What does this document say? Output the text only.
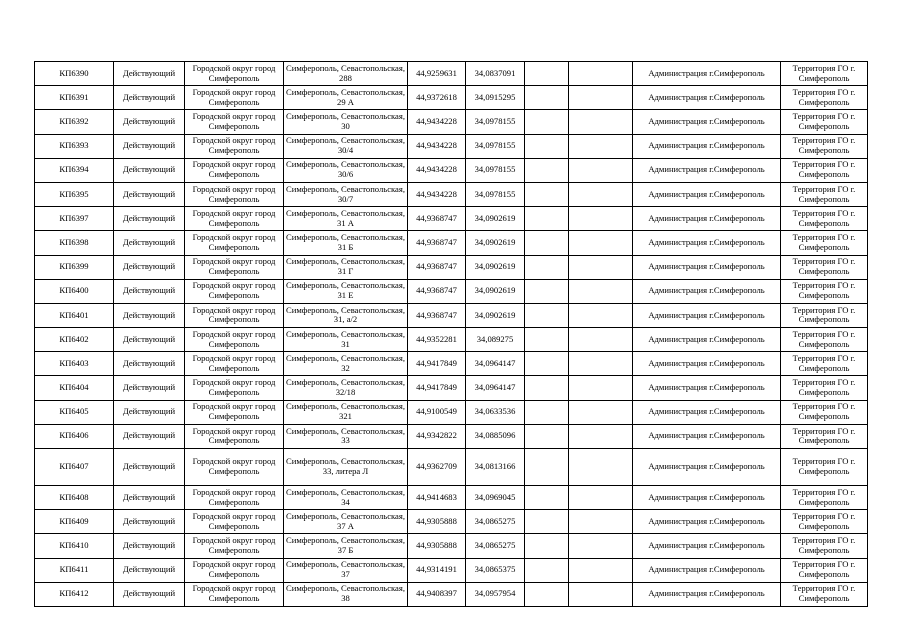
КП6390	Действующий	Городской округ город Симферополь	Симферополь, Севастопольская, 288	44,9259631	34,0837091			Администрация г.Симферополь	Территория ГО г. Симферополь
КП6391	Действующий	Городской округ город Симферополь	Симферополь, Севастопольская, 29 А	44,9372618	34,0915295			Администрация г.Симферополь	Территория ГО г. Симферополь
КП6392	Действующий	Городской округ город Симферополь	Симферополь, Севастопольская, 30	44,9434228	34,0978155			Администрация г.Симферополь	Территория ГО г. Симферополь
КП6393	Действующий	Городской округ город Симферополь	Симферополь, Севастопольская, 30/4	44,9434228	34,0978155			Администрация г.Симферополь	Территория ГО г. Симферополь
КП6394	Действующий	Городской округ город Симферополь	Симферополь, Севастопольская, 30/6	44,9434228	34,0978155			Администрация г.Симферополь	Территория ГО г. Симферополь
КП6395	Действующий	Городской округ город Симферополь	Симферополь, Севастопольская, 30/7	44,9434228	34,0978155			Администрация г.Симферополь	Территория ГО г. Симферополь
КП6397	Действующий	Городской округ город Симферополь	Симферополь, Севастопольская, 31 А	44,9368747	34,0902619			Администрация г.Симферополь	Территория ГО г. Симферополь
КП6398	Действующий	Городской округ город Симферополь	Симферополь, Севастопольская, 31 Б	44,9368747	34,0902619			Администрация г.Симферополь	Территория ГО г. Симферополь
КП6399	Действующий	Городской округ город Симферополь	Симферополь, Севастопольская, 31 Г	44,9368747	34,0902619			Администрация г.Симферополь	Территория ГО г. Симферополь
КП6400	Действующий	Городской округ город Симферополь	Симферополь, Севастопольская, 31 Е	44,9368747	34,0902619			Администрация г.Симферополь	Территория ГО г. Симферополь
КП6401	Действующий	Городской округ город Симферополь	Симферополь, Севастопольская, 31, а/2	44,9368747	34,0902619			Администрация г.Симферополь	Территория ГО г. Симферополь
КП6402	Действующий	Городской округ город Симферополь	Симферополь, Севастопольская, 31	44,9352281	34,089275			Администрация г.Симферополь	Территория ГО г. Симферополь
КП6403	Действующий	Городской округ город Симферополь	Симферополь, Севастопольская, 32	44,9417849	34,0964147			Администрация г.Симферополь	Территория ГО г. Симферополь
КП6404	Действующий	Городской округ город Симферополь	Симферополь, Севастопольская, 32/18	44,9417849	34,0964147			Администрация г.Симферополь	Территория ГО г. Симферополь
КП6405	Действующий	Городской округ город Симферополь	Симферополь, Севастопольская, 321	44,9100549	34,0633536			Администрация г.Симферополь	Территория ГО г. Симферополь
КП6406	Действующий	Городской округ город Симферополь	Симферополь, Севастопольская, 33	44,9342822	34,0885096			Администрация г.Симферополь	Территория ГО г. Симферополь
КП6407	Действующий	Городской округ город Симферополь	Симферополь, Севастопольская, 33, литера Л	44,9362709	34,0813166			Администрация г.Симферополь	Территория ГО г. Симферополь
КП6408	Действующий	Городской округ город Симферополь	Симферополь, Севастопольская, 34	44,9414683	34,0969045			Администрация г.Симферополь	Территория ГО г. Симферополь
КП6409	Действующий	Городской округ город Симферополь	Симферополь, Севастопольская, 37 А	44,9305888	34,0865275			Администрация г.Симферополь	Территория ГО г. Симферополь
КП6410	Действующий	Городской округ город Симферополь	Симферополь, Севастопольская, 37 Б	44,9305888	34,0865275			Администрация г.Симферополь	Территория ГО г. Симферополь
КП6411	Действующий	Городской округ город Симферополь	Симферополь, Севастопольская, 37	44,9314191	34,0865375			Администрация г.Симферополь	Территория ГО г. Симферополь
КП6412	Действующий	Городской округ город Симферополь	Симферополь, Севастопольская, 38	44,9408397	34,0957954			Администрация г.Симферополь	Территория ГО г. Симферополь
